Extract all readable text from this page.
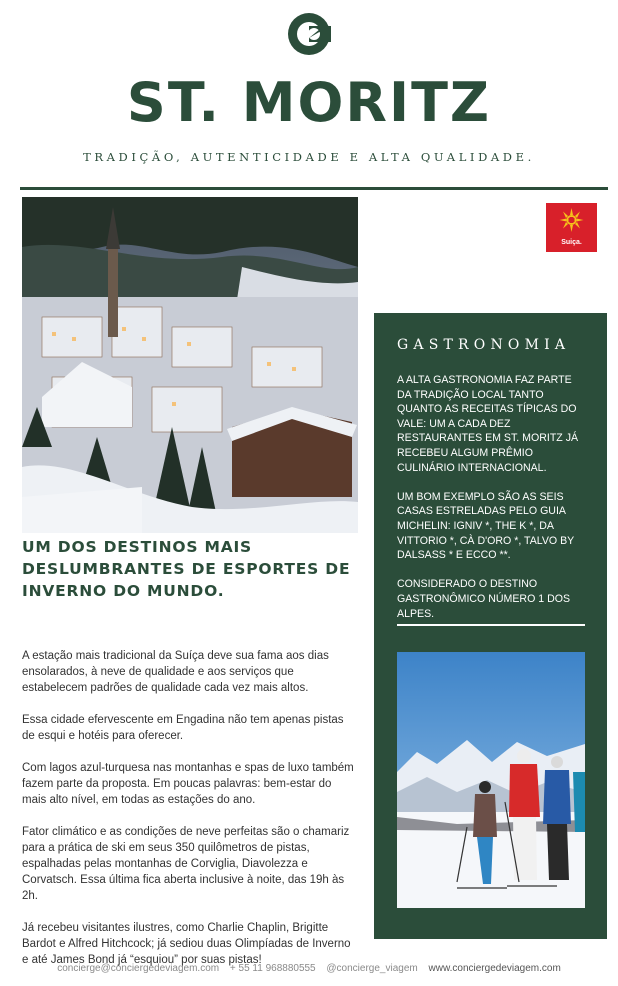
ST. MORITZ
TRADIÇÃO, AUTENTICIDADE E ALTA QUALIDADE.
Suiça.
UM DOS DESTINOS MAIS DESLUMBRANTES DE ESPORTES DE INVERNO DO MUNDO.

A estação mais tradicional da Suíça deve sua fama aos dias ensolarados, à neve de qualidade e aos serviços que estabelecem padrões de qualidade cada vez mais altos.

Essa cidade efervescente em Engadina não tem apenas pistas de esqui e hotéis para oferecer.

Com lagos azul-turquesa nas montanhas e spas de luxo também fazem parte da proposta. Em poucas palavras: bem-estar do mais alto nível, em todas as estações do ano.

Fator climático e as condições de neve perfeitas são o chamariz para a prática de ski em seus 350 quilômetros de pistas, espalhadas pelas montanhas de Corviglia, Diavolezza e Corvatsch. Essa última fica aberta inclusive à noite, das 19h às 2h.

Já recebeu visitantes ilustres, como Charlie Chaplin, Brigitte Bardot e Alfred Hitchcock; já sediou duas Olimpíadas de Inverno e até James Bond já “esquiou” por suas pistas!

GASTRONOMIA

A ALTA GASTRONOMIA FAZ PARTE DA TRADIÇÃO LOCAL TANTO QUANTO AS RECEITAS TÍPICAS DO VALE: UM A CADA DEZ RESTAURANTES EM ST. MORITZ JÁ RECEBEU ALGUM PRÊMIO CULINÁRIO INTERNACIONAL.

UM BOM EXEMPLO SÃO AS SEIS CASAS ESTRELADAS PELO GUIA MICHELIN: IGNIV *, THE K *, DA VITTORIO *, CÀ D'ORO *, TALVO BY DALSASS * E ECCO **.

CONSIDERADO O DESTINO GASTRONÔMICO NÚMERO 1 DOS ALPES.

concierge@conciergedeviagem.com + 55 11 968880555 @concierge_viagem www.conciergedeviagem.com
